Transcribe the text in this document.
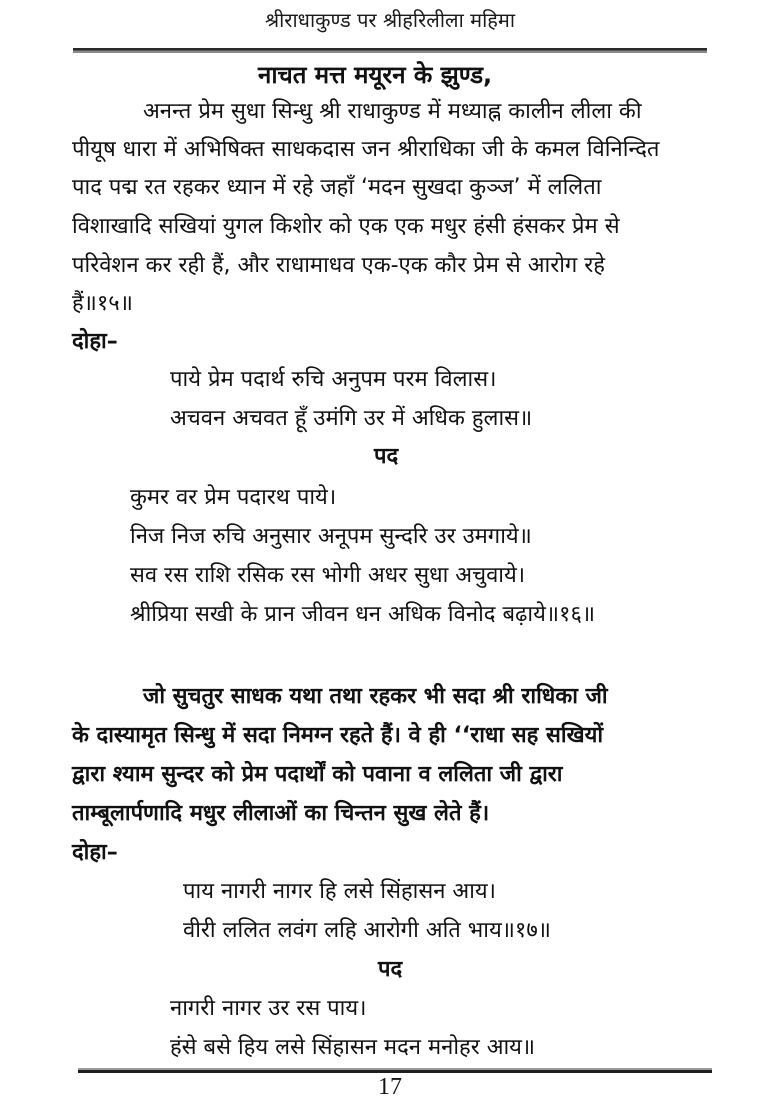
श्रीराधाकुण्ड पर श्रीहरिलीला महिमा
नाचत मत्त मयूरन के झुण्ड,
अनन्त प्रेम सुधा सिन्धु श्री राधाकुण्ड में मध्याह्न कालीन लीला की
पीयूष धारा में अभिषिक्त साधकदास जन श्रीराधिका जी के कमल विनिन्दित
पाद पद्म रत रहकर ध्यान में रहे जहाँ ‘मदन सुखदा कुञ्ज’ में ललिता
विशाखादि सखियां युगल किशोर को एक एक मधुर हंसी हंसकर प्रेम से
परिवेशन कर रही हैं, और राधामाधव एक-एक कौर प्रेम से आरोग रहे
हैं॥१५॥
दोहा–
पाये प्रेम पदार्थ रुचि अनुपम परम विलास।
अचवन अचवत हूँ उमंगि उर में अधिक हुलास॥
पद
कुमर वर प्रेम पदारथ पाये।
निज निज रुचि अनुसार अनूपम सुन्दरि उर उमगाये॥
सव रस राशि रसिक रस भोगी अधर सुधा अचुवाये।
श्रीप्रिया सखी के प्रान जीवन धन अधिक विनोद बढ़ाये॥१६॥
जो सुचतुर साधक यथा तथा रहकर भी सदा श्री राधिका जी
के दास्यामृत सिन्धु में सदा निमग्न रहते हैं। वे ही ‘‘राधा सह सखियों
द्वारा श्याम सुन्दर को प्रेम पदार्थों को पवाना व ललिता जी द्वारा
ताम्बूलार्पणादि मधुर लीलाओं का चिन्तन सुख लेते हैं।
दोहा–
पाय नागरी नागर हि लसे सिंहासन आय।
वीरी ललित लवंग लहि आरोगी अति भाय॥१७॥
पद
नागरी नागर उर रस पाय।
हंसे बसे हिय लसे सिंहासन मदन मनोहर आय॥
17
